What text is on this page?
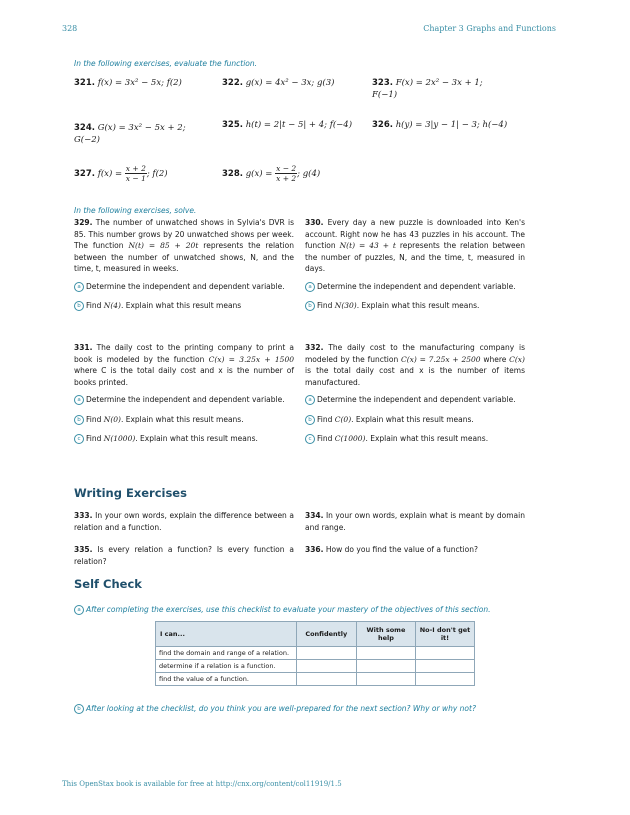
328	Chapter 3 Graphs and Functions
In the following exercises, evaluate the function.
321. f(x) = 3x² − 5x; f(2)	322. g(x) = 4x² − 3x; g(3)	323. F(x) = 2x² − 3x + 1;
F(−1)
324. G(x) = 3x² − 5x + 2;
G(−2)
325. h(t) = 2|t − 5| + 4; f(−4) 326. h(y) = 3|y − 1| − 3; h(−4)
327. $f(x) = \frac{x + 2}{x - 1}$ ; f(2)	328. $g(x) = \frac{x - 2}{x + 2}$ ; g(4)
In the following exercises, solve.
329. The number of unwatched shows in Sylvia's DVR is 85. This number grows by 20 unwatched shows per week. The function N(t) = 85 + 20t represents the relation between the number of unwatched shows, N, and the time, t, measured in weeks.
a Determine the independent and dependent variable.
b Find N(4). Explain what this result means
330. Every day a new puzzle is downloaded into Ken's account. Right now he has 43 puzzles in his account. The function N(t) = 43 + t represents the relation between the number of puzzles, N, and the time, t, measured in days.
a Determine the independent and dependent variable.
b Find N(30). Explain what this result means.
331. The daily cost to the printing company to print a book is modeled by the function C(x) = 3.25x + 1500 where C is the total daily cost and x is the number of books printed.
a Determine the independent and dependent variable.
b Find N(0). Explain what this result means.
c Find N(1000). Explain what this result means.
332. The daily cost to the manufacturing company is modeled by the function C(x) = 7.25x + 2500 where C(x) is the total daily cost and x is the number of items manufactured.
a Determine the independent and dependent variable.
b Find C(0). Explain what this result means.
c Find C(1000). Explain what this result means.
Writing Exercises
333. In your own words, explain the difference between a relation and a function.
334. In your own words, explain what is meant by domain and range.
335. Is every relation a function? Is every function a relation?
336. How do you find the value of a function?
Self Check
a After completing the exercises, use this checklist to evaluate your mastery of the objectives of this section.
I can...	Confidently	With some help	No-I don't get it!
find the domain and range of a relation.			
determine if a relation is a function.			
find the value of a function.			
b After looking at the checklist, do you think you are well-prepared for the next section? Why or why not?
This OpenStax book is available for free at http://cnx.org/content/col11919/1.5
